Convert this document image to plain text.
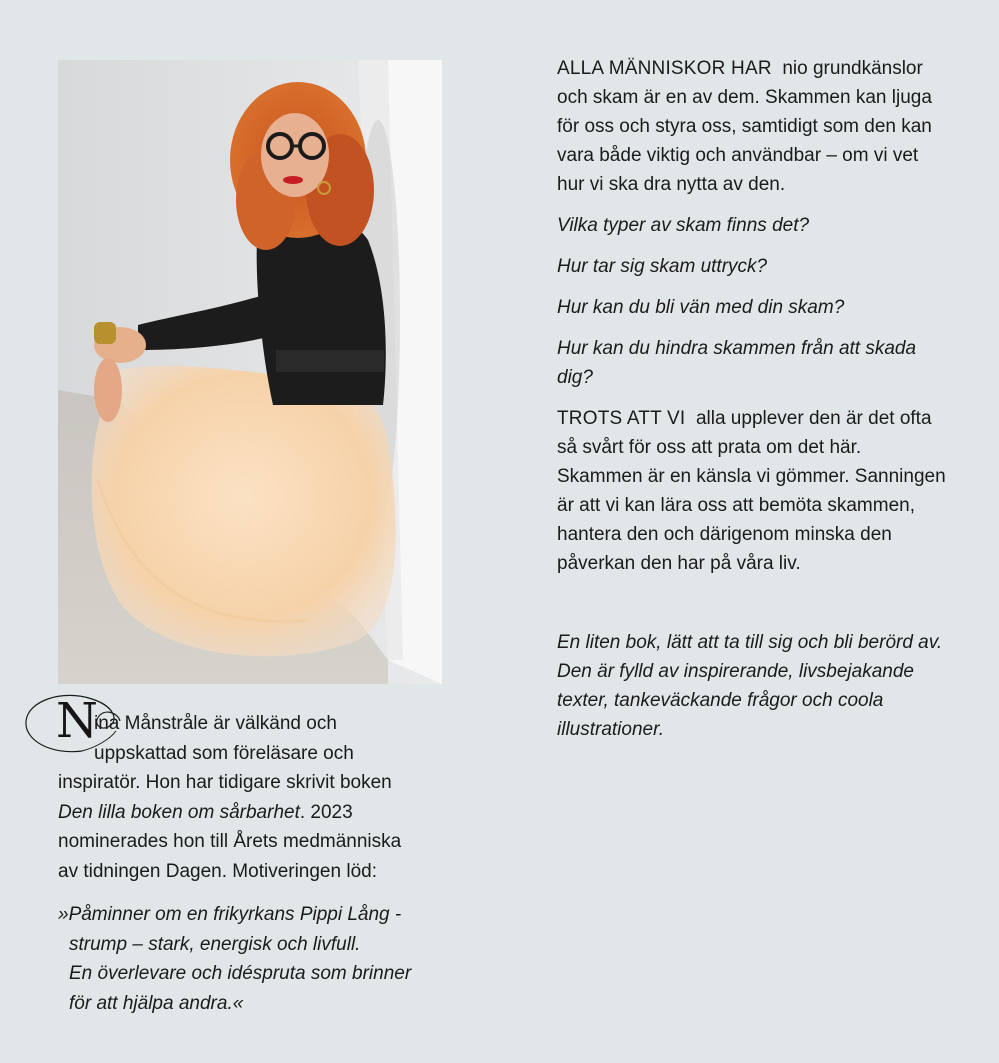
N

ina Månstråle är välkänd och

uppskattad som föreläsare och

inspiratör. Hon har tidigare skrivit boken

Den lilla boken om sårbarhet. 2023

nominerades hon till Årets medmänniska

av tidningen Dagen. Motiveringen löd:

»Påminner om en frikyrkans Pippi Lång -
strump – stark, energisk och livfull.
En överlevare och idéspruta som brinner
för att hjälpa andra.«

ALLA MÄNNISKOR HAR nio grundkänslor och skam är en av dem. Skammen kan ljuga för oss och styra oss, samtidigt som den kan vara både viktig och användbar – om vi vet hur vi ska dra nytta av den.

Vilka typer av skam finns det?

Hur tar sig skam uttryck?

Hur kan du bli vän med din skam?

Hur kan du hindra skammen från att skada dig?

TROTS ATT VI alla upplever den är det ofta så svårt för oss att prata om det här. Skammen är en känsla vi gömmer. Sanningen är att vi kan lära oss att bemöta skammen, hantera den och därigenom minska den påverkan den har på våra liv.

En liten bok, lätt att ta till sig och bli berörd av. Den är fylld av inspirerande, livsbejakande texter, tankeväckande frågor och coola illustrationer.
